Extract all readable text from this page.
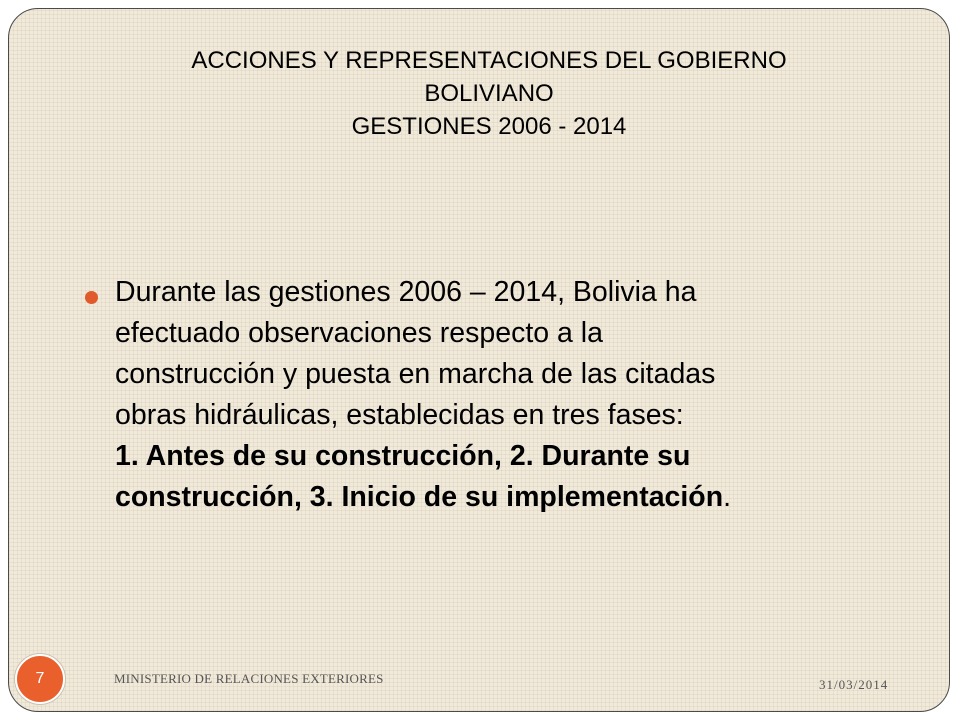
ACCIONES Y REPRESENTACIONES DEL GOBIERNO
BOLIVIANO
GESTIONES 2006 - 2014
Durante las gestiones 2006 – 2014, Bolivia ha
efectuado observaciones respecto a la
construcción y puesta en marcha de las citadas
obras hidráulicas, establecidas en tres fases:
1. Antes de su construcción, 2. Durante su
construcción, 3. Inicio de su implementación.
MINISTERIO DE RELACIONES EXTERIORES	31/03/2014
7
